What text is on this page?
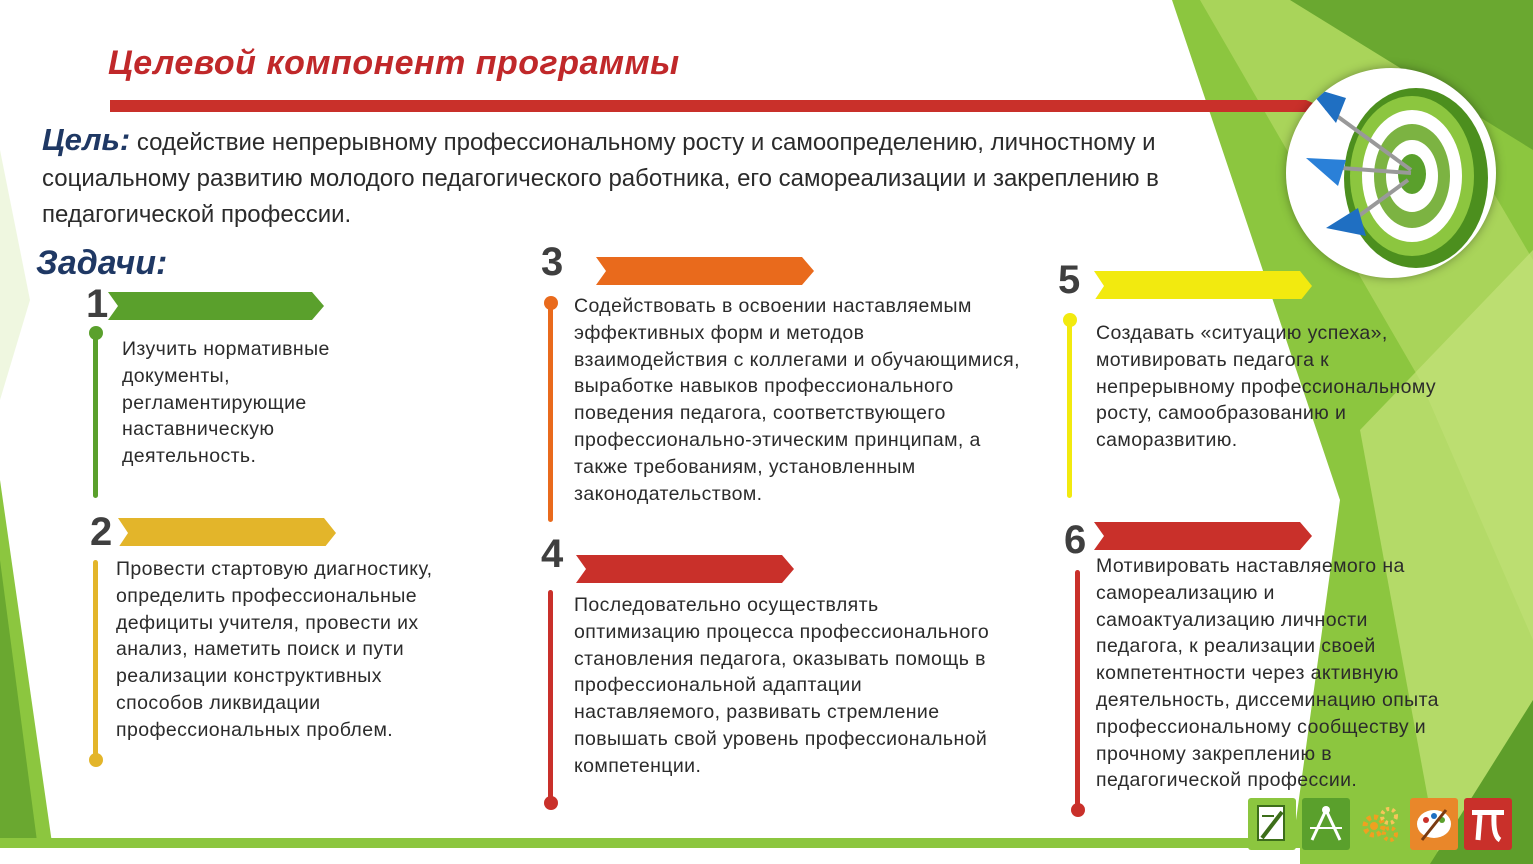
Целевой компонент программы
Цель: содействие непрерывному профессиональному росту и самоопределению, личностному и социальному развитию молодого педагогического работника, его самореализации и закреплению в педагогической профессии.
Задачи:
1
Изучить нормативные документы, регламентирующие наставническую деятельность.
2
Провести стартовую диагностику, определить профессиональные дефициты учителя, провести их анализ, наметить поиск и пути реализации конструктивных способов ликвидации профессиональных проблем.
3
Содействовать в освоении наставляемым эффективных форм и методов взаимодействия с коллегами и обучающимися, выработке навыков профессионального поведения педагога, соответствующего профессионально-этическим принципам, а также требованиям, установленным законодательством.
4
Последовательно осуществлять оптимизацию процесса профессионального становления педагога, оказывать помощь в профессиональной адаптации наставляемого, развивать стремление повышать свой уровень профессиональной компетенции.
5
Создавать «ситуацию успеха», мотивировать педагога к непрерывному профессиональному росту, самообразованию и саморазвитию.
6
Мотивировать наставляемого на самореализацию и самоактуализацию личности педагога, к реализации своей компетентности через активную деятельность, диссеминацию опыта профессиональному сообществу и прочному закреплению в педагогической профессии.
